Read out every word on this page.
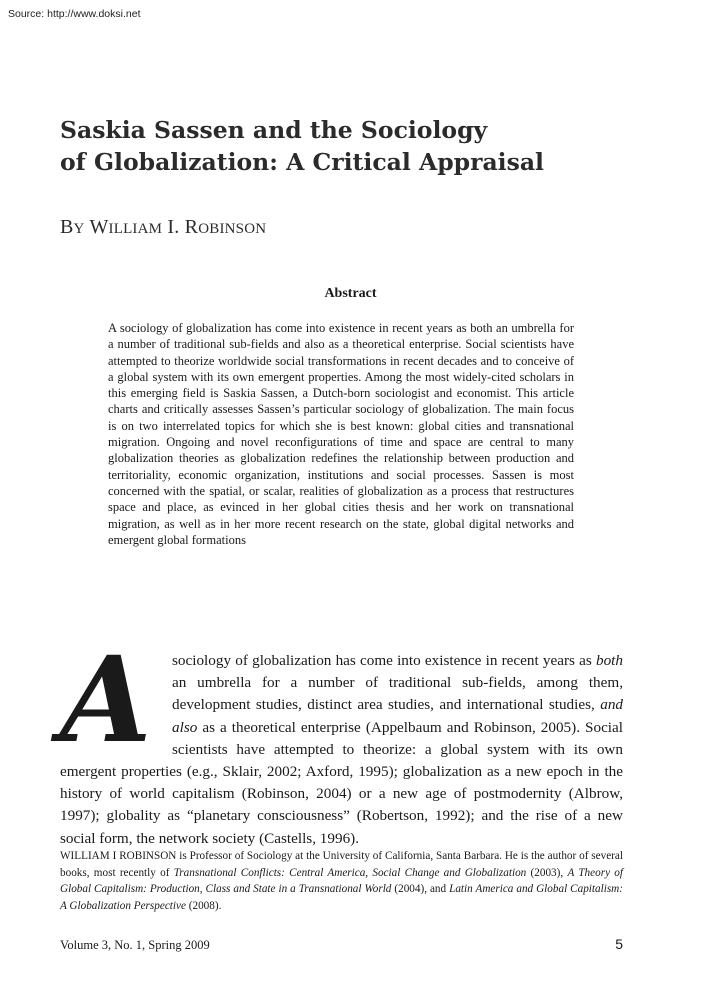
Source: http://www.doksi.net
Saskia Sassen and the Sociology
of Globalization: A Critical Appraisal
BY WILLIAM I. ROBINSON
Abstract
A sociology of globalization has come into existence in recent years as both an umbrella for a number of traditional sub-fields and also as a theoretical enterprise. Social scientists have attempted to theorize worldwide social transformations in recent decades and to conceive of a global system with its own emergent properties. Among the most widely-cited scholars in this emerging field is Saskia Sassen, a Dutch-born sociologist and economist. This article charts and critically assesses Sassen’s particular sociology of globalization. The main focus is on two interrelated topics for which she is best known: global cities and transnational migration. Ongoing and novel reconfigurations of time and space are central to many globalization theories as globalization redefines the relationship between production and territoriality, economic organization, institutions and social processes. Sassen is most concerned with the spatial, or scalar, realities of globalization as a process that restructures space and place, as evinced in her global cities thesis and her work on transnational migration, as well as in her more recent research on the state, global digital networks and emergent global formations
A	sociology of globalization has come into existence in recent years as both an umbrella for a number of traditional sub-fields, among them, development studies, distinct area studies, and international studies, and also as a theoretical enterprise (Appelbaum and Robinson, 2005). Social scientists have attempted to theorize: a global system with its own emergent properties (e.g., Sklair, 2002; Axford, 1995); globalization as a new epoch in the history of world capitalism (Robinson, 2004) or a new age of postmodernity (Albrow, 1997); globality as “planetary consciousness” (Robertson, 1992); and the rise of a new social form, the network society (Castells, 1996).
WILLIAM I ROBINSON is Professor of Sociology at the University of California, Santa Barbara. He is the author of several books, most recently of Transnational Conflicts: Central America, Social Change and Globalization (2003), A Theory of Global Capitalism: Production, Class and State in a Transnational World (2004), and Latin America and Global Capitalism: A Globalization Perspective (2008).
Volume 3, No. 1, Spring 2009	5
